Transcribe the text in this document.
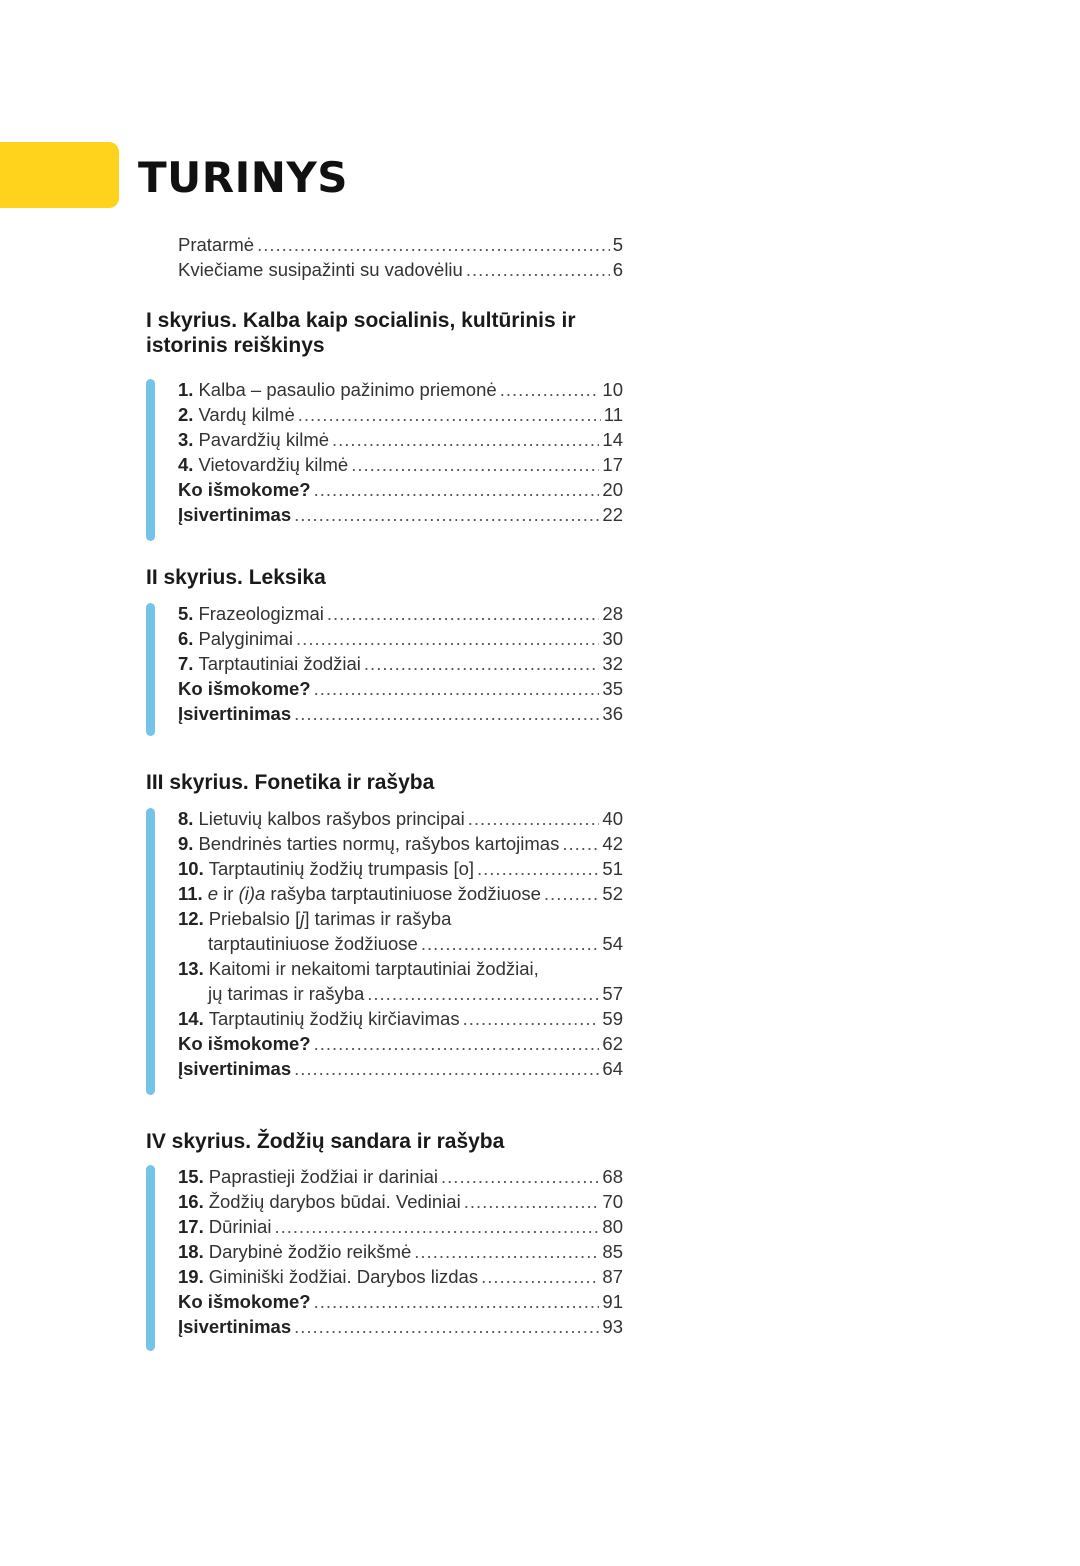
TURINYS
Pratarmė .....	5
Kviečiame susipažinti su vadovėliu .....	6
I skyrius. Kalba kaip socialinis, kultūrinis ir
istorinis reiškinys
1. Kalba – pasaulio pažinimo priemonė .....	10
2. Vardų kilmė .....	11
3. Pavardžių kilmė .....	14
4. Vietovardžių kilmė .....	17
Ko išmokome? .....	20
Įsivertinimas .....	22
II skyrius. Leksika
5. Frazeologizmai .....	28
6. Palyginimai .....	30
7. Tarptautiniai žodžiai .....	32
Ko išmokome? .....	35
Įsivertinimas .....	36
III skyrius. Fonetika ir rašyba
8. Lietuvių kalbos rašybos principai .....	40
9. Bendrinės tarties normų, rašybos kartojimas ..... 42
10. Tarptautinių žodžių trumpasis [o] .....	51
11. e ir (i)a rašyba tarptautiniuose žodžiuose .....	52
12. Priebalsio [j] tarimas ir rašyba
tarptautiniuose žodžiuose .....	54
13. Kaitomi ir nekaitomi tarptautiniai žodžiai,
jų tarimas ir rašyba .....	57
14. Tarptautinių žodžių kirčiavimas .....	59
Ko išmokome? .....	62
Įsivertinimas .....	64
IV skyrius. Žodžių sandara ir rašyba
15. Paprastieji žodžiai ir dariniai .....	68
16. Žodžių darybos būdai. Vediniai .....	70
17. Dūriniai .....	80
18. Darybinė žodžio reikšmė .....	85
19. Giminiški žodžiai. Darybos lizdas .....	87
Ko išmokome? .....	91
Įsivertinimas .....	93
